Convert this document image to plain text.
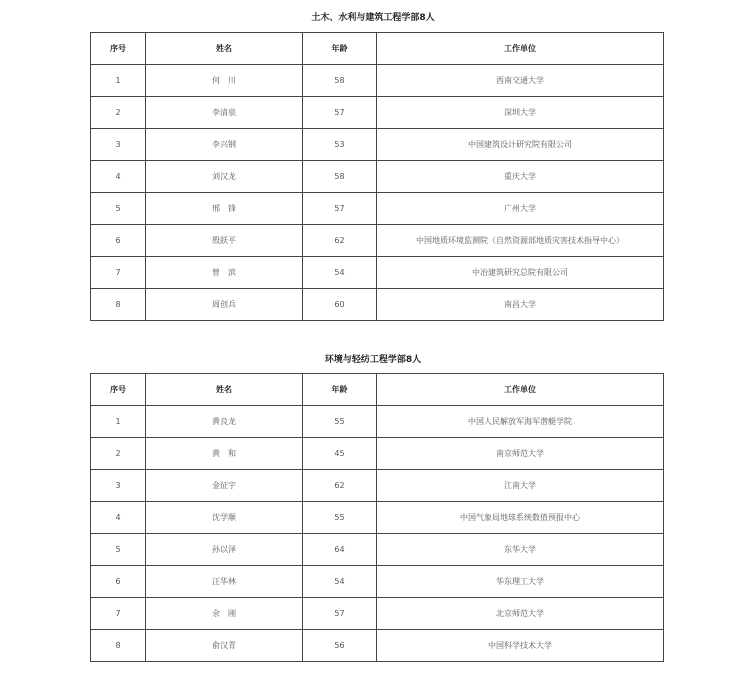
土木、水利与建筑工程学部8人
序号	姓名	年龄	工作单位
1	何　川	58	西南交通大学
2	李清泉	57	深圳大学
3	李兴钢	53	中国建筑设计研究院有限公司
4	刘汉龙	58	重庆大学
5	邢　锋	57	广州大学
6	殷跃平	62	中国地质环境监测院（自然资源部地质灾害技术指导中心）
7	曾　滨	54	中冶建筑研究总院有限公司
8	周创兵	60	南昌大学
环境与轻纺工程学部8人
序号	姓名	年龄	工作单位
1	黄良龙	55	中国人民解放军海军潜艇学院
2	黄　和	45	南京师范大学
3	金征宇	62	江南大学
4	沈学顺	55	中国气象局地球系统数值预报中心
5	孙以泽	64	东华大学
6	汪华林	54	华东理工大学
7	余　刚	57	北京师范大学
8	俞汉青	56	中国科学技术大学
